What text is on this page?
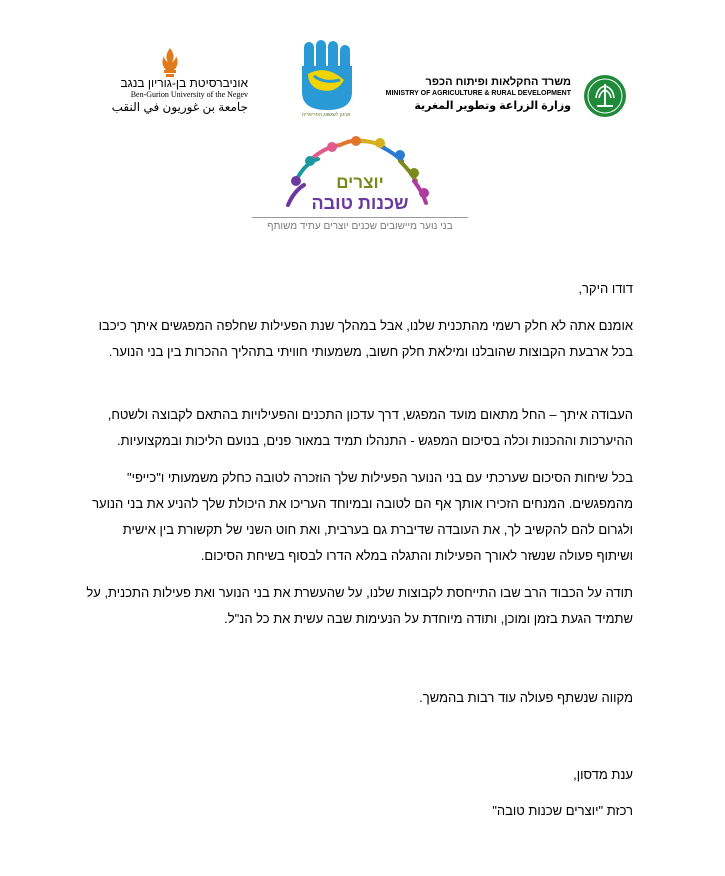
משרד החקלאות ופיתוח הכפר
MINISTRY OF AGRICULTURE & RURAL DEVELOPMENT
وزارة الزراعة وتطوير المغرية
ארגון לשגשוג הפריפריה
אוניברסיטת בן-גוריון בנגב
Ben-Gurion University of the Negev
جامعة بن غوريون في النقب
יוצרים
שכנות טובה
בני נוער מיישובים שכנים יוצרים עתיד משותף

דודו היקר,

אומנם אתה לא חלק רשמי מהתכנית שלנו, אבל במהלך שנת הפעילות שחלפה המפגשים איתך כיכבו בכל ארבעת הקבוצות שהובלנו ומילאת חלק חשוב, משמעותי חוויתי בתהליך ההכרות בין בני הנוער.

העבודה איתך – החל מתאום מועד המפגש, דרך עדכון התכנים והפעילויות בהתאם לקבוצה ולשטח, ההיערכות וההכנות וכלה בסיכום המפגש - התנהלו תמיד במאור פנים, בנועם הליכות ובמקצועיות.

בכל שיחות הסיכום שערכתי עם בני הנוער הפעילות שלך הוזכרה לטובה כחלק משמעותי ו"כייפי" מהמפגשים. המנחים הזכירו אותך אף הם לטובה ובמיוחד העריכו את היכולת שלך להניע את בני הנוער ולגרום להם להקשיב לך, את העובדה שדיברת גם בערבית, ואת חוט השני של תקשורת בין אישית ושיתוף פעולה שנשזר לאורך הפעילות והתגלה במלא הדרו לבסוף בשיחת הסיכום.

תודה על הכבוד הרב שבו התייחסת לקבוצות שלנו, על שהעשרת את בני הנוער ואת פעילות התכנית, על שתמיד הגעת בזמן ומוכן, ותודה מיוחדת על הנעימות שבה עשית את כל הנ"ל.

מקווה שנשתף פעולה עוד רבות בהמשך.

ענת מדסון,

רכזת "יוצרים שכנות טובה"
